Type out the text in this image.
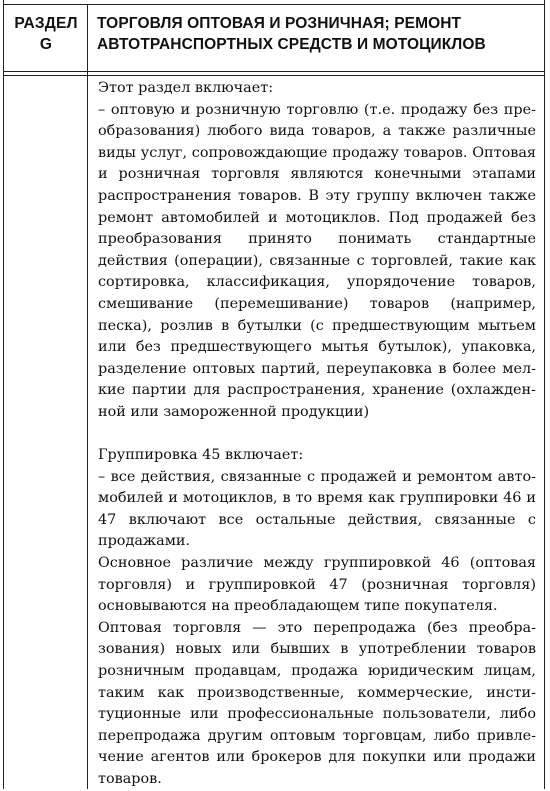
РАЗДЕЛ
G
ТОРГОВЛЯ ОПТОВАЯ И РОЗНИЧНАЯ; РЕМОНТ АВТОТРАНСПОРТНЫХ СРЕДСТВ И МОТОЦИКЛОВ

Этот раздел включает:

– оптовую и розничную торговлю (т.е. продажу без преобразования) любого вида товаров, а также различные виды услуг, сопровождающие продажу товаров. Оптовая и розничная торговля являются конечными этапами распространения товаров. В эту группу включен также ремонт автомобилей и мотоциклов. Под продажей без преобразования принято понимать стандартные действия (операции), связанные с торговлей, такие как сортировка, классификация, упорядочение товаров, смешивание (перемешивание) товаров (например, песка), розлив в бутылки (с предшествующим мытьем или без предшествующего мытья бутылок), упаковка, разделение оптовых партий, переупаковка в более мелкие партии для распространения, хранение (охлажденной или замороженной продукции)

Группировка 45 включает:

– все действия, связанные с продажей и ремонтом автомобилей и мотоциклов, в то время как группировки 46 и 47 включают все остальные действия, связанные с продажами.

Основное различие между группировкой 46 (оптовая торговля) и группировкой 47 (розничная торговля) основываются на преобладающем типе покупателя.

Оптовая торговля — это перепродажа (без преобразования) новых или бывших в употреблении товаров розничным продавцам, продажа юридическим лицам, таким как производственные, коммерческие, институционные или профессиональные пользователи, либо перепродажа другим оптовым торговцам, либо привлечение агентов или брокеров для покупки или продажи товаров.
